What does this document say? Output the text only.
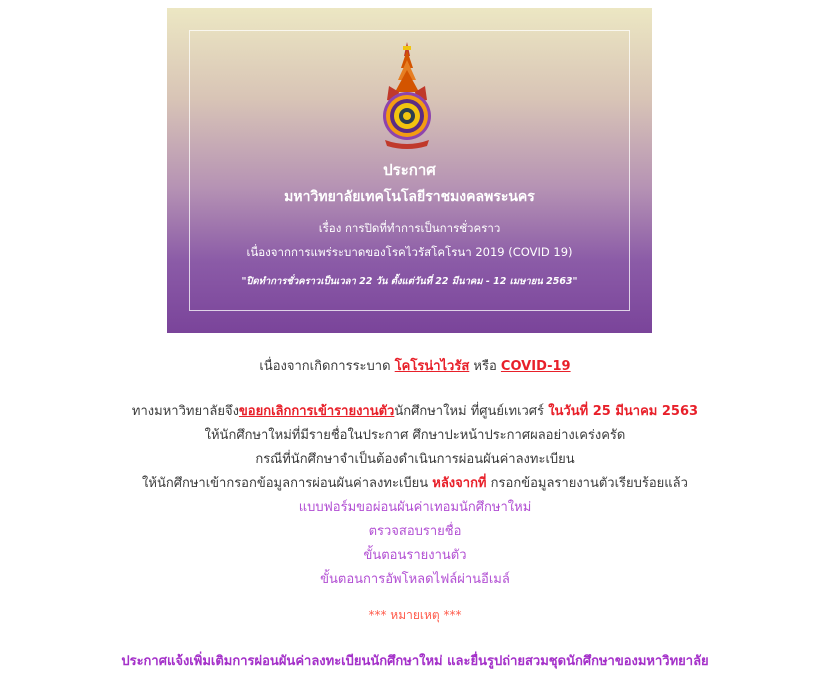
ประกาศ
มหาวิทยาลัยเทคโนโลยีราชมงคลพระนคร
เรื่อง การปิดที่ทำการเป็นการชั่วคราว
เนื่องจากการแพร่ระบาดของโรคไวรัสโคโรนา 2019 (COVID 19)
"ปิดทำการชั่วคราวเป็นเวลา 22 วัน ตั้งแต่วันที่ 22 มีนาคม - 12 เมษายน 2563"
เนื่องจากเกิดการระบาด โคโรน่าไวรัส หรือ COVID-19
ทางมหาวิทยาลัยจึงขอยกเลิกการเข้ารายงานตัวนักศึกษาใหม่ ที่ศูนย์เทเวศร์ ในวันที่ 25 มีนาคม 2563
ให้นักศึกษาใหม่ที่มีรายชื่อในประกาศ ศึกษาปะหน้าประกาศผลอย่างเคร่งครัด
กรณีที่นักศึกษาจำเป็นต้องดำเนินการผ่อนผันค่าลงทะเบียน
ให้นักศึกษาเข้ากรอกข้อมูลการผ่อนผันค่าลงทะเบียน หลังจากที่ กรอกข้อมูลรายงานตัวเรียบร้อยแล้ว
แบบฟอร์มขอผ่อนผันค่าเทอมนักศึกษาใหม่
ตรวจสอบรายชื่อ
ขั้นตอนรายงานตัว
ขั้นตอนการอัพโหลดไฟล์ผ่านอีเมล์
*** หมายเหตุ ***
ประกาศแจ้งเพิ่มเติมการผ่อนผันค่าลงทะเบียนนักศึกษาใหม่ และยื่นรูปถ่ายสวมชุดนักศึกษาของมหาวิทยาลัย
